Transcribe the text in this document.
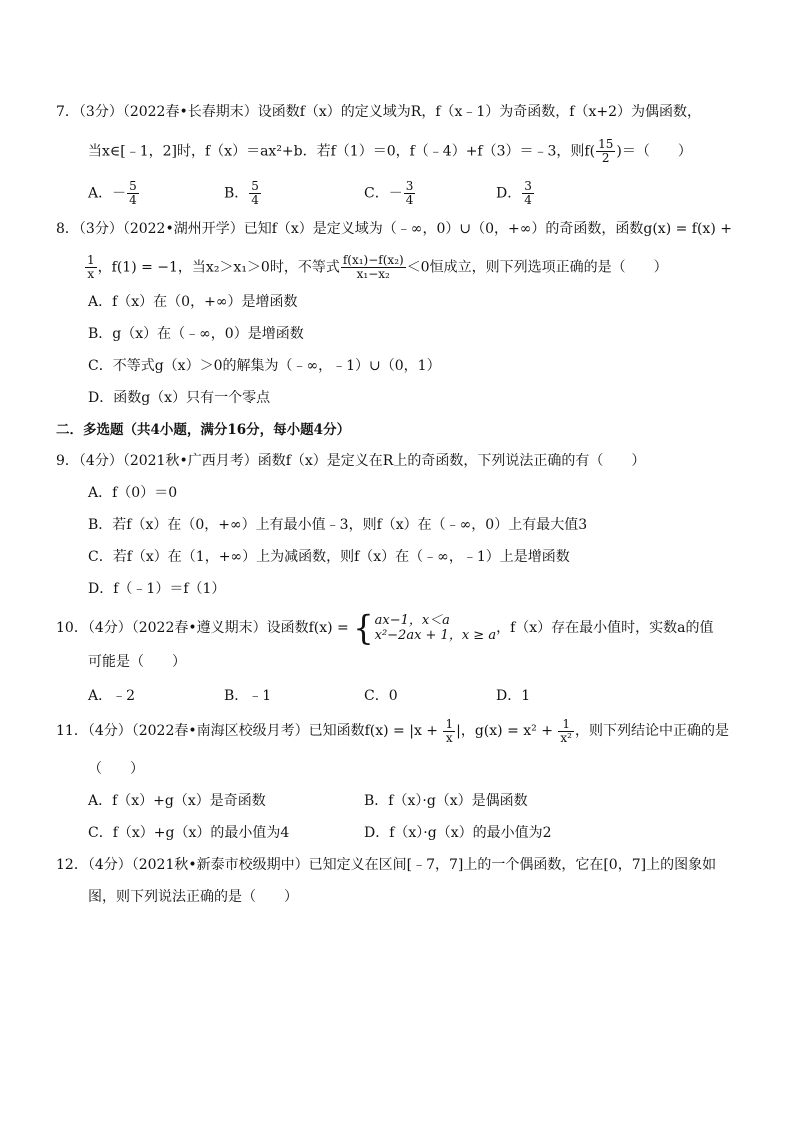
7．（3分）（2022春•长春期末）设函数f（x）的定义域为R，f（x﹣1）为奇函数，f（x+2）为偶函数，
当x∈[﹣1，2]时，f（x）＝ax²+b．若f（1）＝0，f（﹣4）+f（3）＝﹣3，则$f( \frac{15}{2}$ )＝（　　）
A．－ $\frac{5}{4}$	B． $\frac{5}{4}$	C．－ $\frac{3}{4}$	D． $\frac{3}{4}$
8．（3分）（2022•湖州开学）已知f（x）是定义域为（﹣∞，0）∪（0，+∞）的奇函数，函数g(x) = f(x) +
$\frac{1}{x}$ ，f(1) = −1，当x₂＞x₁＞0时，不等式 $\frac{\text{f(x₁)−f(x₂)}}{\text{x₁−x₂}} <0$恒成立，则下列选项正确的是（　　）
A．f（x）在（0，+∞）是增函数
B．g（x）在（﹣∞，0）是增函数
C．不等式g（x）＞0的解集为（﹣∞，﹣1）∪（0，1）
D．函数g（x）只有一个零点
二．多选题（共4小题，满分16分，每小题4分）
9．（4分）（2021秋•广西月考）函数f（x）是定义在R上的奇函数，下列说法正确的有（　　）
A．f（0）＝0
B．若f（x）在（0，+∞）上有最小值﹣3，则f（x）在（﹣∞，0）上有最大值3
C．若f（x）在（1，+∞）上为减函数，则f（x）在（﹣∞，﹣1）上是增函数
D．f（﹣1）＝f（1）
10．（4分）（2022春•遵义期末）设函数f(x) = { ax−1，x＜a
x²−2ax + 1，x ≥ a ，f（x）存在最小值时，实数a的值
可能是（　　）
A．﹣2	B．﹣1	C．0	D．1
11．（4分）（2022春•南海区校级月考）已知函数$f(x) = |x + \frac{1}{x}$ |，$g(x) = x^2 + \frac{1}{\text{x²}}$ ，则下列结论中正确的是
（　　）
A．f（x）+g（x）是奇函数	B．f（x）·g（x）是偶函数
C．f（x）+g（x）的最小值为4	D．f（x）·g（x）的最小值为2
12．（4分）（2021秋•新泰市校级期中）已知定义在区间[﹣7，7]上的一个偶函数，它在[0，7]上的图象如
图，则下列说法正确的是（　　）
